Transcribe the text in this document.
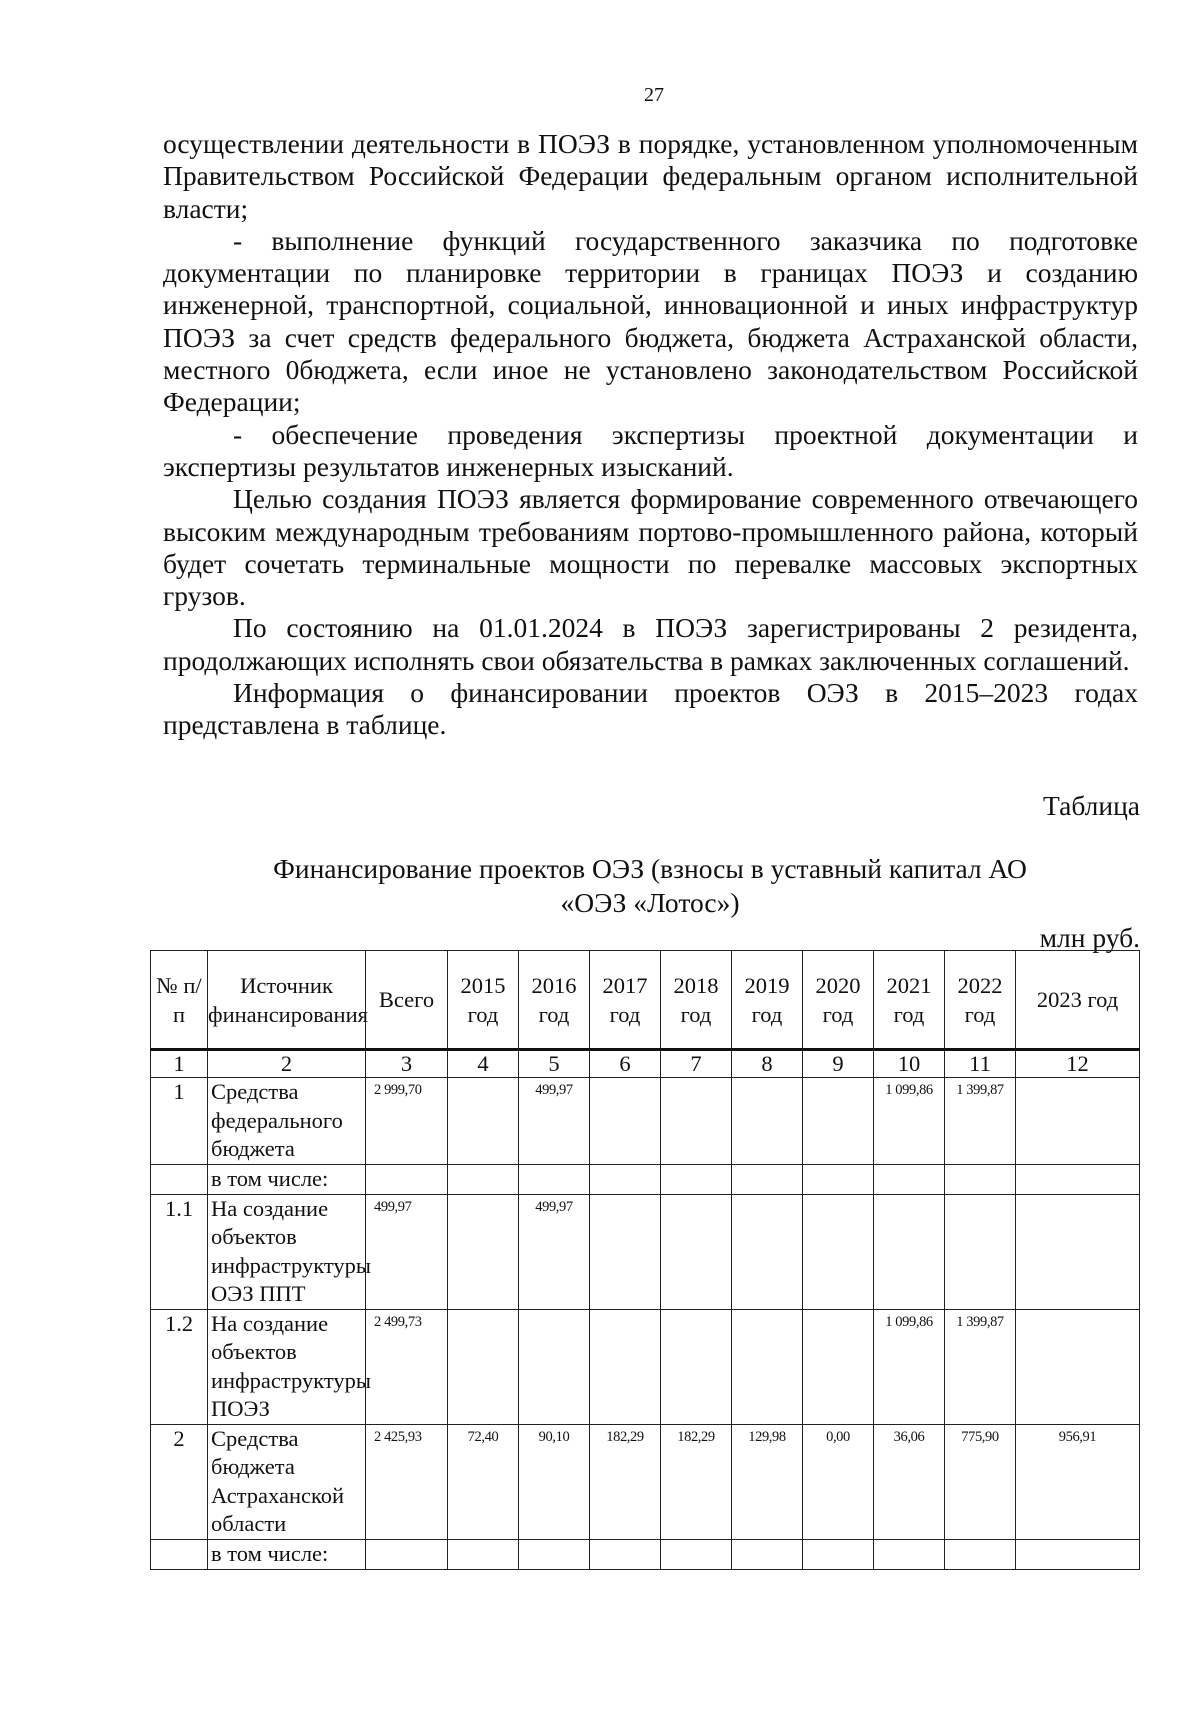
27

осуществлении деятельности в ПОЭЗ в порядке, установленном уполномоченным Правительством Российской Федерации федеральным органом исполнительной власти;

- выполнение функций государственного заказчика по подготовке документации по планировке территории в границах ПОЭЗ и созданию инженерной, транспортной, социальной, инновационной и иных инфраструктур ПОЭЗ за счет средств федерального бюджета, бюджета Астраханской области, местного 0бюджета, если иное не установлено законодательством Российской Федерации;

- обеспечение проведения экспертизы проектной документации и экспертизы результатов инженерных изысканий.

Целью создания ПОЭЗ является формирование современного отвечающего высоким международным требованиям портово-промышленного района, который будет сочетать терминальные мощности по перевалке массовых экспортных грузов.

По состоянию на 01.01.2024 в ПОЭЗ зарегистрированы 2 резидента, продолжающих исполнять свои обязательства в рамках заключенных соглашений.

Информация о финансировании проектов ОЭЗ в 2015–2023 годах представлена в таблице.

Таблица
Финансирование проектов ОЭЗ (взносы в уставный капитал АО «ОЭЗ «Лотос»)
млн руб.
№ п/п	Источник финансирования	Всего	2015 год	2016 год	2017 год	2018 год	2019 год	2020 год	2021 год	2022 год	2023 год
1	2	3	4	5	6	7	8	9	10	11	12
1	Средства федерального бюджета	2 999,70		499,97					1 099,86	1 399,87	
	в том числе:										
1.1	На создание объектов инфраструктуры ОЭЗ ППТ	499,97		499,97							
1.2	На создание объектов инфраструктуры ПОЭЗ	2 499,73							1 099,86	1 399,87	
2	Средства бюджета Астраханской области	2 425,93	72,40	90,10	182,29	182,29	129,98	0,00	36,06	775,90	956,91
	в том числе:										
